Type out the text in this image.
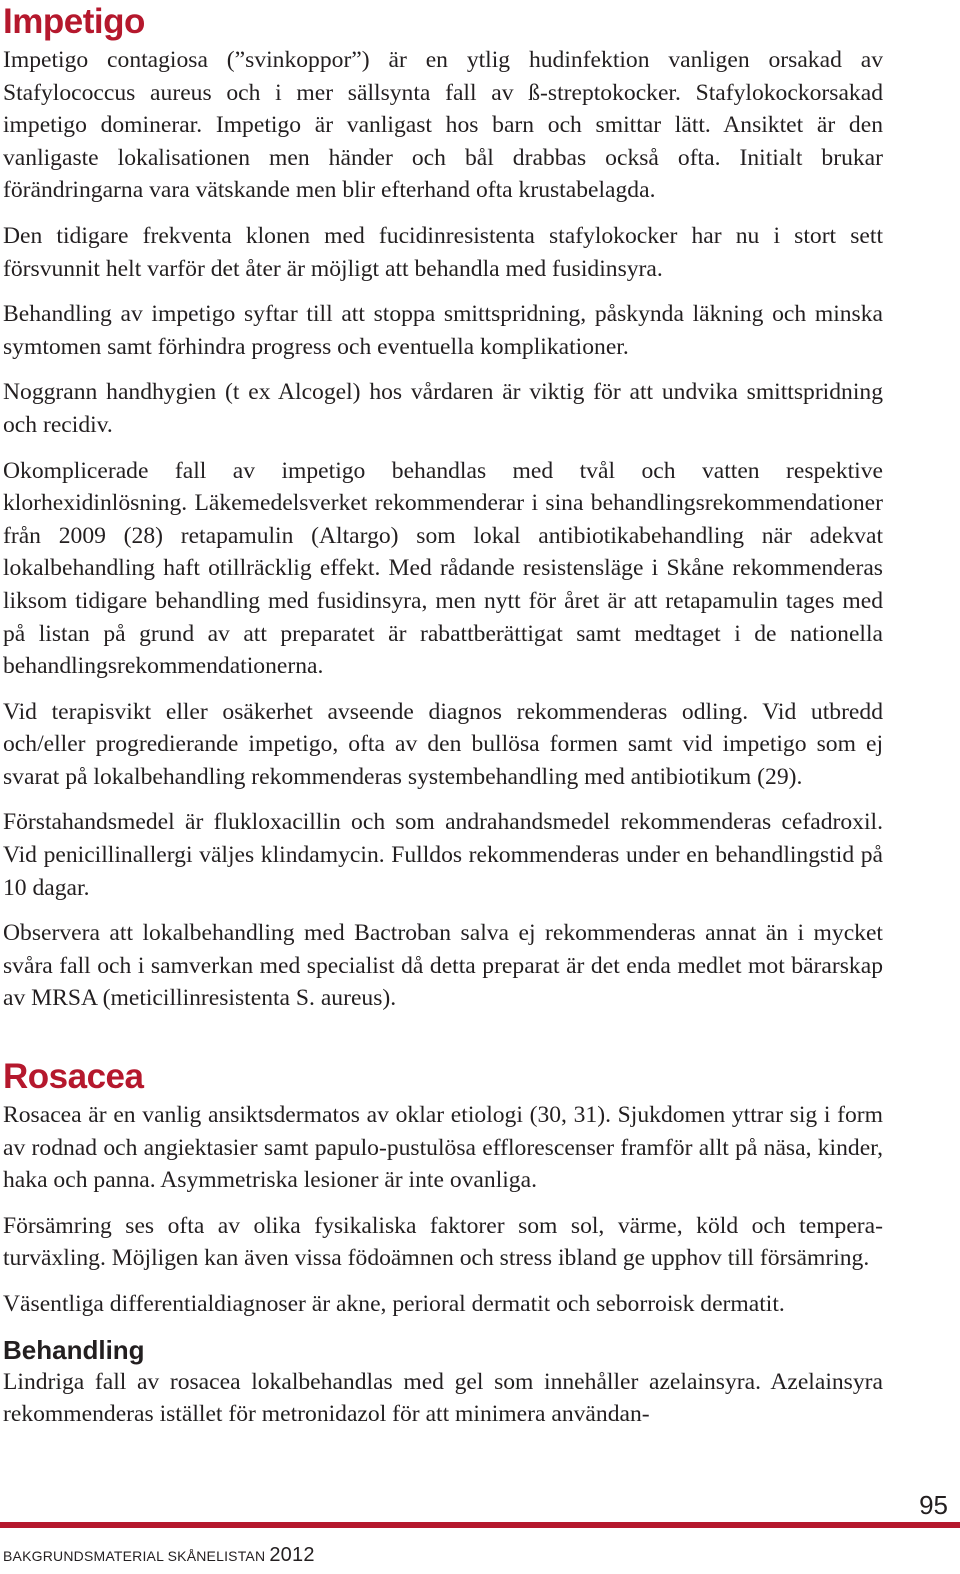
Impetigo

Impetigo contagiosa (”svinkoppor”) är en ytlig hudinfektion vanligen orsakad av Stafylococcus aureus och i mer sällsynta fall av ß-streptokocker. Stafylokockorsakad impetigo dominerar. Impetigo är vanligast hos barn och smittar lätt. Ansiktet är den vanligaste lokalisationen men händer och bål drabbas också ofta. Initialt brukar förändringarna vara vätskande men blir efterhand ofta krustabelagda.

Den tidigare frekventa klonen med fucidinresistenta stafylokocker har nu i stort sett försvunnit helt varför det åter är möjligt att behandla med fusidinsyra.

Behandling av impetigo syftar till att stoppa smittspridning, påskynda läkning och minska symtomen samt förhindra progress och eventuella komplikationer.

Noggrann handhygien (t ex Alcogel) hos vårdaren är viktig för att undvika smittspridning och recidiv.

Okomplicerade fall av impetigo behandlas med tvål och vatten respektive klorhexidinlösning. Läkemedelsverket rekommenderar i sina behandlingsrekommendationer från 2009 (28) retapamulin (Altargo) som lokal antibiotikabehandling när adekvat lokalbehandling haft otillräcklig effekt. Med rådande resistensläge i Skåne rekommenderas liksom tidigare behandling med fusidinsyra, men nytt för året är att retapamulin tages med på listan på grund av att preparatet är rabattberättigat samt medtaget i de nationella behandlingsrekommendationerna.

Vid terapisvikt eller osäkerhet avseende diagnos rekommenderas odling. Vid utbredd och/eller progredierande impetigo, ofta av den bullösa formen samt vid impetigo som ej svarat på lokalbehandling rekommenderas systembehandling med antibiotikum (29).

Förstahandsmedel är flukloxacillin och som andrahandsmedel rekommenderas cefadroxil. Vid penicillinallergi väljes klindamycin. Fulldos rekommenderas under en behandlingstid på 10 dagar.

Observera att lokalbehandling med Bactroban salva ej rekommenderas annat än i mycket svåra fall och i samverkan med specialist då detta preparat är det enda medlet mot bärarskap av MRSA (meticillinresistenta S. aureus).

Rosacea

Rosacea är en vanlig ansiktsdermatos av oklar etiologi (30, 31). Sjukdomen yttrar sig i form av rodnad och angiektasier samt papulo-pustulösa efflorescenser framför allt på näsa, kinder, haka och panna. Asymmetriska lesioner är inte ovanliga.

Försämring ses ofta av olika fysikaliska faktorer som sol, värme, köld och temperaturväxling. Möjligen kan även vissa födoämnen och stress ibland ge upphov till försämring.

Väsentliga differentialdiagnoser är akne, perioral dermatit och seborroisk dermatit.

Behandling

Lindriga fall av rosacea lokalbehandlas med gel som innehåller azelainsyra. Azelainsyra rekommenderas istället för metronidazol för att minimera användan-

95
BAKGRUNDSMATERIAL SKÅNELISTAN 2012
